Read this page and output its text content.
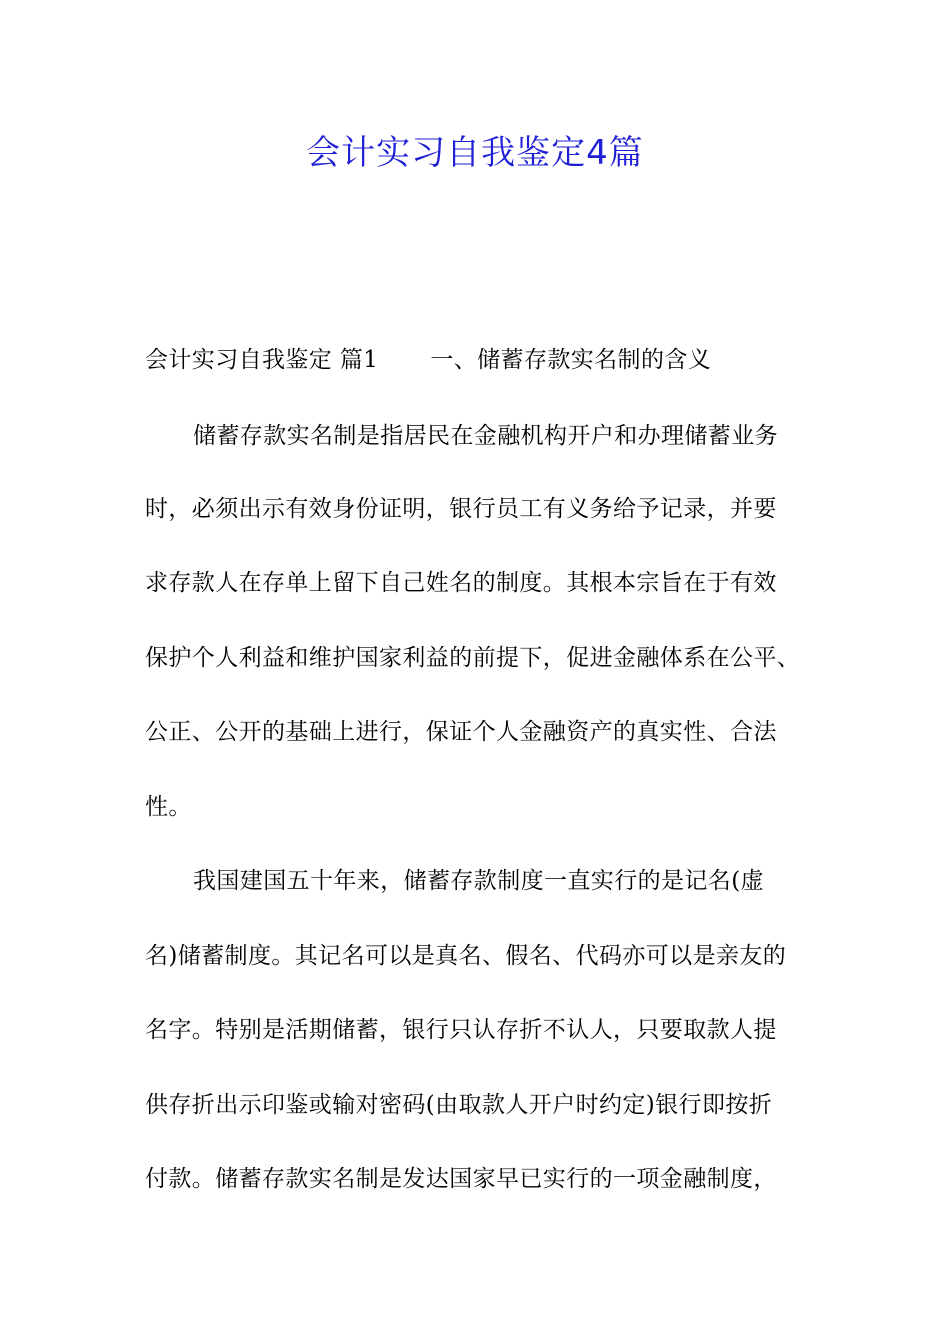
会计实习自我鉴定4篇
会计实习自我鉴定 篇1 一、储蓄存款实名制的含义
储蓄存款实名制是指居民在金融机构开户和办理储蓄业务
时，必须出示有效身份证明，银行员工有义务给予记录，并要
求存款人在存单上留下自己姓名的制度。其根本宗旨在于有效
保护个人利益和维护国家利益的前提下，促进金融体系在公平、
公正、公开的基础上进行，保证个人金融资产的真实性、合法
性。
我国建国五十年来，储蓄存款制度一直实行的是记名(虚
名)储蓄制度。其记名可以是真名、假名、代码亦可以是亲友的
名字。特别是活期储蓄，银行只认存折不认人，只要取款人提
供存折出示印鉴或输对密码(由取款人开户时约定)银行即按折
付款。储蓄存款实名制是发达国家早已实行的一项金融制度，
